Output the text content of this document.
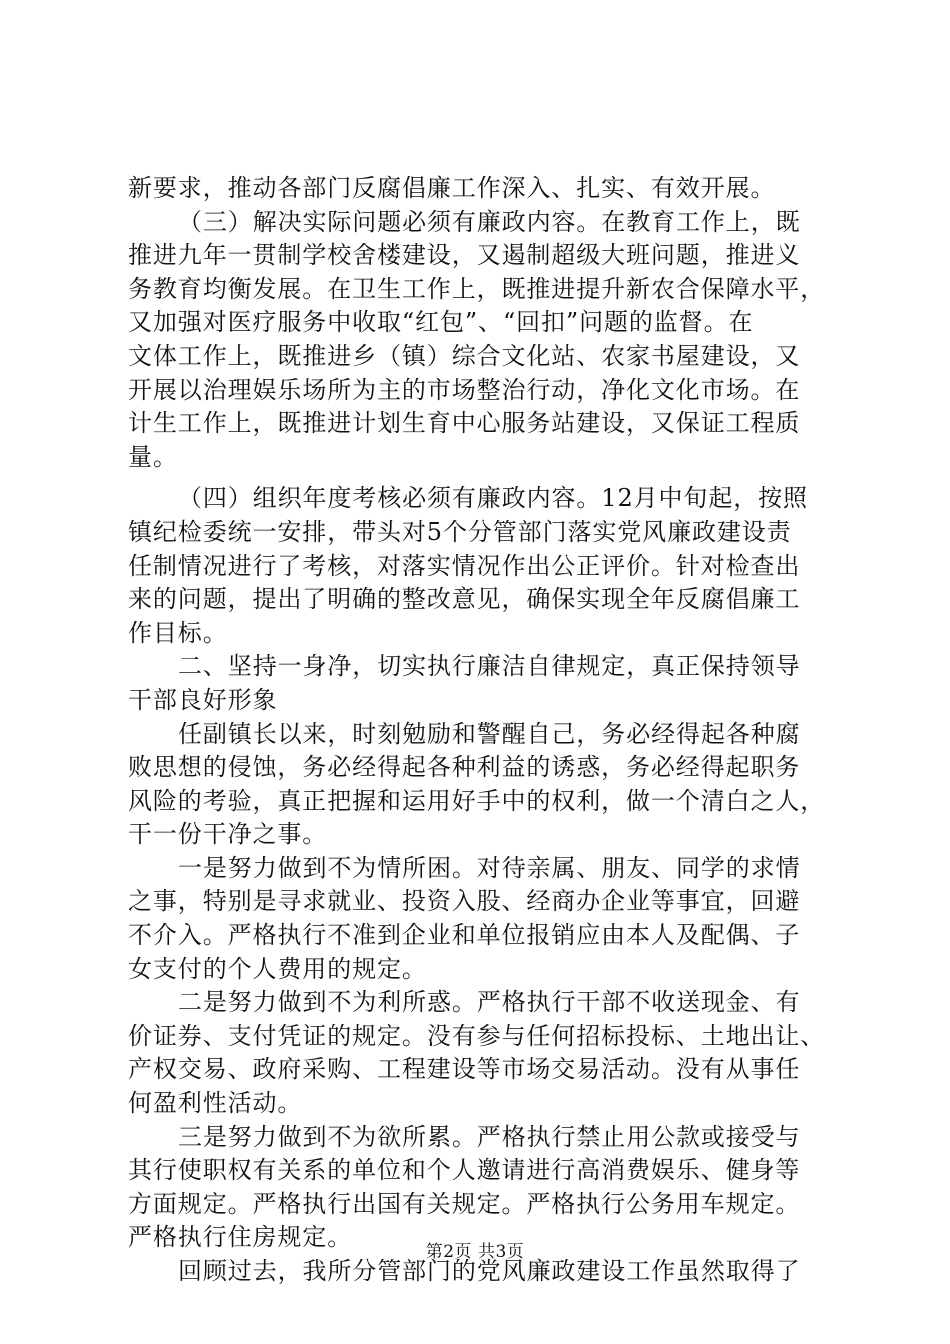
新要求，推动各部门反腐倡廉工作深入、扎实、有效开展。
（三）解决实际问题必须有廉政内容。在教育工作上，既
推进九年一贯制学校舍楼建设，又遏制超级大班问题，推进义
务教育均衡发展。在卫生工作上，既推进提升新农合保障水平，
又加强对医疗服务中收取“红包”、“回扣”问题的监督。在
文体工作上，既推进乡（镇）综合文化站、农家书屋建设，又
开展以治理娱乐场所为主的市场整治行动，净化文化市场。在
计生工作上，既推进计划生育中心服务站建设，又保证工程质
量。
（四）组织年度考核必须有廉政内容。12月中旬起，按照
镇纪检委统一安排，带头对5个分管部门落实党风廉政建设责
任制情况进行了考核，对落实情况作出公正评价。针对检查出
来的问题，提出了明确的整改意见，确保实现全年反腐倡廉工
作目标。
二、坚持一身净，切实执行廉洁自律规定，真正保持领导
干部良好形象
任副镇长以来，时刻勉励和警醒自己，务必经得起各种腐
败思想的侵蚀，务必经得起各种利益的诱惑，务必经得起职务
风险的考验，真正把握和运用好手中的权利，做一个清白之人，
干一份干净之事。
一是努力做到不为情所困。对待亲属、朋友、同学的求情
之事，特别是寻求就业、投资入股、经商办企业等事宜，回避
不介入。严格执行不准到企业和单位报销应由本人及配偶、子
女支付的个人费用的规定。
二是努力做到不为利所惑。严格执行干部不收送现金、有
价证券、支付凭证的规定。没有参与任何招标投标、土地出让、
产权交易、政府采购、工程建设等市场交易活动。没有从事任
何盈利性活动。
三是努力做到不为欲所累。严格执行禁止用公款或接受与
其行使职权有关系的单位和个人邀请进行高消费娱乐、健身等
方面规定。严格执行出国有关规定。严格执行公务用车规定。
严格执行住房规定。
回顾过去，我所分管部门的党风廉政建设工作虽然取得了
第2页 共3页
